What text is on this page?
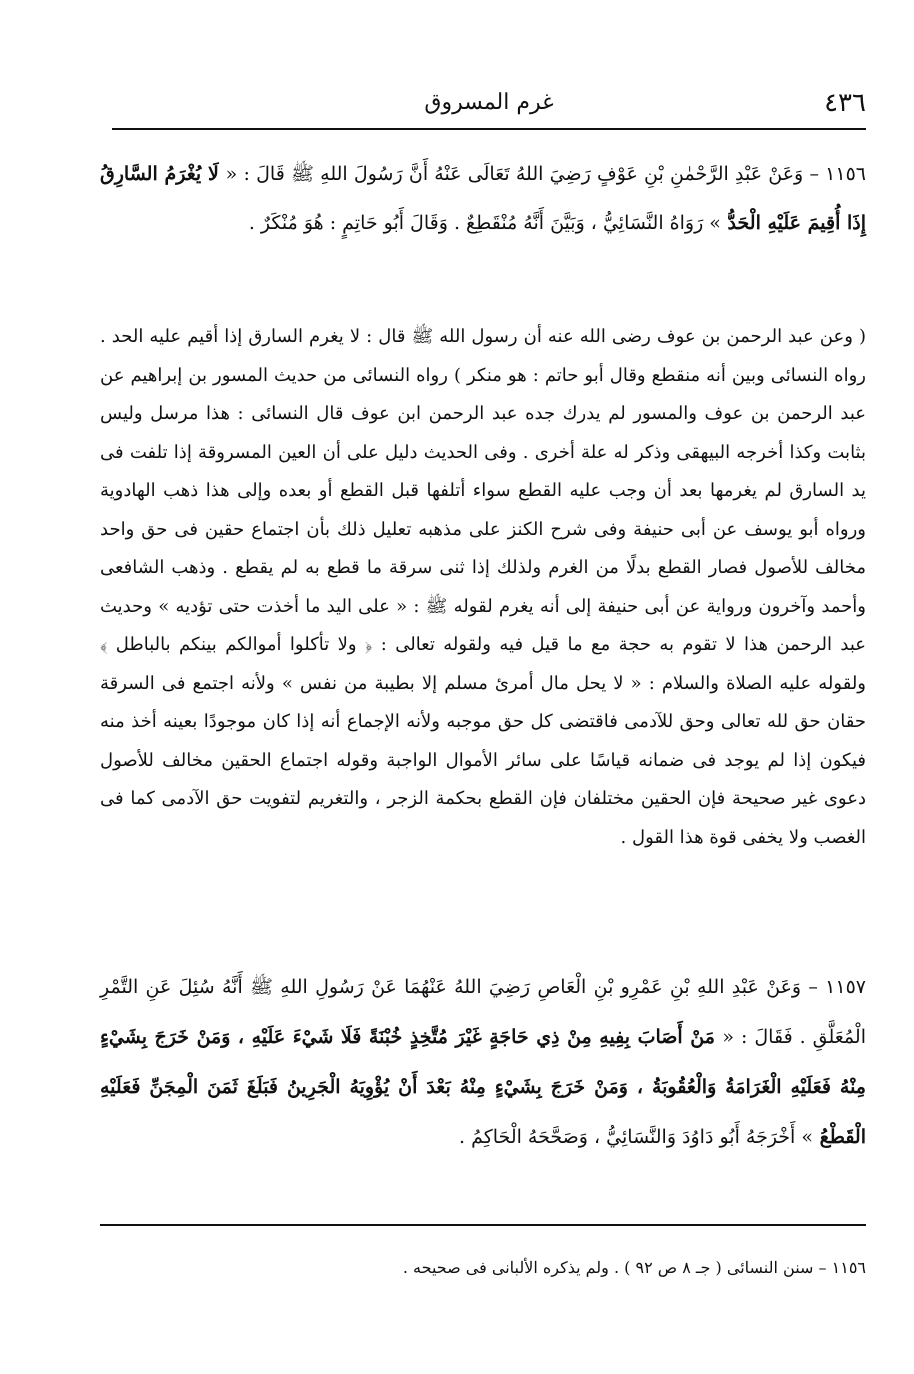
٤٣٦
غرم المسروق
١١٥٦ – وَعَنْ عَبْدِ الرَّحْمٰنِ بْنِ عَوْفٍ رَضِيَ اللهُ تَعَالَى عَنْهُ أَنَّ رَسُولَ اللهِ ﷺ قَالَ : « لَا يُغْرَمُ السَّارِقُ إِذَا أُقِيمَ عَلَيْهِ الْحَدُّ » رَوَاهُ النَّسَائِيُّ ، وَبَيَّنَ أَنَّهُ مُنْقَطِعٌ . وَقَالَ أَبُو حَاتِمٍ : هُوَ مُنْكَرٌ .
( وعن عبد الرحمن بن عوف رضى الله عنه أن رسول الله ﷺ قال : لا يغرم السارق إذا أقيم عليه الحد . رواه النسائى وبين أنه منقطع وقال أبو حاتم : هو منكر ) رواه النسائى من حديث المسور بن إبراهيم عن عبد الرحمن بن عوف والمسور لم يدرك جده عبد الرحمن ابن عوف قال النسائى : هذا مرسل وليس بثابت وكذا أخرجه البيهقى وذكر له علة أخرى . وفى الحديث دليل على أن العين المسروقة إذا تلفت فى يد السارق لم يغرمها بعد أن وجب عليه القطع سواء أتلفها قبل القطع أو بعده وإلى هذا ذهب الهادوية ورواه أبو يوسف عن أبى حنيفة وفى شرح الكنز على مذهبه تعليل ذلك بأن اجتماع حقين فى حق واحد مخالف للأصول فصار القطع بدلًا من الغرم ولذلك إذا ثنى سرقة ما قطع به لم يقطع . وذهب الشافعى وأحمد وآخرون ورواية عن أبى حنيفة إلى أنه يغرم لقوله ﷺ : « على اليد ما أخذت حتى تؤديه » وحديث عبد الرحمن هذا لا تقوم به حجة مع ما قيل فيه ولقوله تعالى : ﴿ ولا تأكلوا أموالكم بينكم بالباطل ﴾ ولقوله عليه الصلاة والسلام : « لا يحل مال أمرئ مسلم إلا بطيبة من نفس » ولأنه اجتمع فى السرقة حقان حق لله تعالى وحق للآدمى فاقتضى كل حق موجبه ولأنه الإجماع أنه إذا كان موجودًا بعينه أخذ منه فيكون إذا لم يوجد فى ضمانه قياسًا على سائر الأموال الواجبة وقوله اجتماع الحقين مخالف للأصول دعوى غير صحيحة فإن الحقين مختلفان فإن القطع بحكمة الزجر ، والتغريم لتفويت حق الآدمى كما فى الغصب ولا يخفى قوة هذا القول .
١١٥٧ – وَعَنْ عَبْدِ اللهِ بْنِ عَمْرِو بْنِ الْعَاصِ رَضِيَ اللهُ عَنْهُمَا عَنْ رَسُولِ اللهِ ﷺ أَنَّهُ سُئِلَ عَنِ التَّمْرِ الْمُعَلَّقِ . فَقَالَ : « مَنْ أَصَابَ بِفِيهِ مِنْ ذِي حَاجَةٍ غَيْرَ مُتَّخِذٍ خُبْنَةً فَلَا شَيْءَ عَلَيْهِ ، وَمَنْ خَرَجَ بِشَيْءٍ مِنْهُ فَعَلَيْهِ الْغَرَامَةُ وَالْعُقُوبَةُ ، وَمَنْ خَرَجَ بِشَيْءٍ مِنْهُ بَعْدَ أَنْ يُؤْوِيَهُ الْجَرِينُ فَبَلَغَ ثَمَنَ الْمِجَنِّ فَعَلَيْهِ الْقَطْعُ » أَخْرَجَهُ أَبُو دَاوُدَ وَالنَّسَائِيُّ ، وَصَحَّحَهُ الْحَاكِمُ .
١١٥٦ – سنن النسائى ( جـ ٨ ص ٩٢ ) . ولم يذكره الألبانى فى صحيحه .
